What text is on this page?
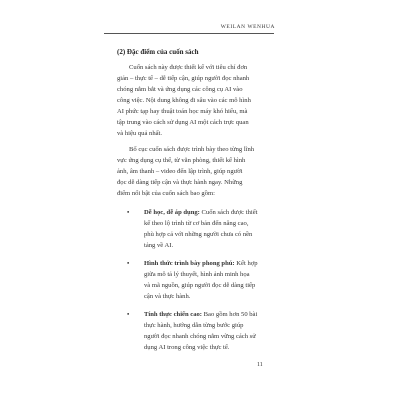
WEILAN WENHUA
(2) Đặc điểm của cuốn sách
Cuốn sách này được thiết kế với tiêu chí đơn
giản – thực tế – dễ tiếp cận, giúp người đọc nhanh
chóng nắm bắt và ứng dụng các công cụ AI vào
công việc. Nội dung không đi sâu vào các mô hình
AI phức tạp hay thuật toán học máy khó hiểu, mà
tập trung vào cách sử dụng AI một cách trực quan
và hiệu quả nhất.
Bố cục cuốn sách được trình bày theo từng lĩnh
vực ứng dụng cụ thể, từ văn phòng, thiết kế hình
ảnh, âm thanh – video đến lập trình, giúp người
đọc dễ dàng tiếp cận và thực hành ngay. Những
điểm nổi bật của cuốn sách bao gồm:
• Dễ học, dễ áp dụng: Cuốn sách được thiết
kế theo lộ trình từ cơ bản đến nâng cao,
phù hợp cả với những người chưa có nền
tảng về AI.
• Hình thức trình bày phong phú: Kết hợp
giữa mô tả lý thuyết, hình ảnh minh họa
và mã nguồn, giúp người đọc dễ dàng tiếp
cận và thực hành.
• Tính thực chiến cao: Bao gồm hơn 50 bài
thực hành, hướng dẫn từng bước giúp
người đọc nhanh chóng nắm vững cách sử
dụng AI trong công việc thực tế.
11
